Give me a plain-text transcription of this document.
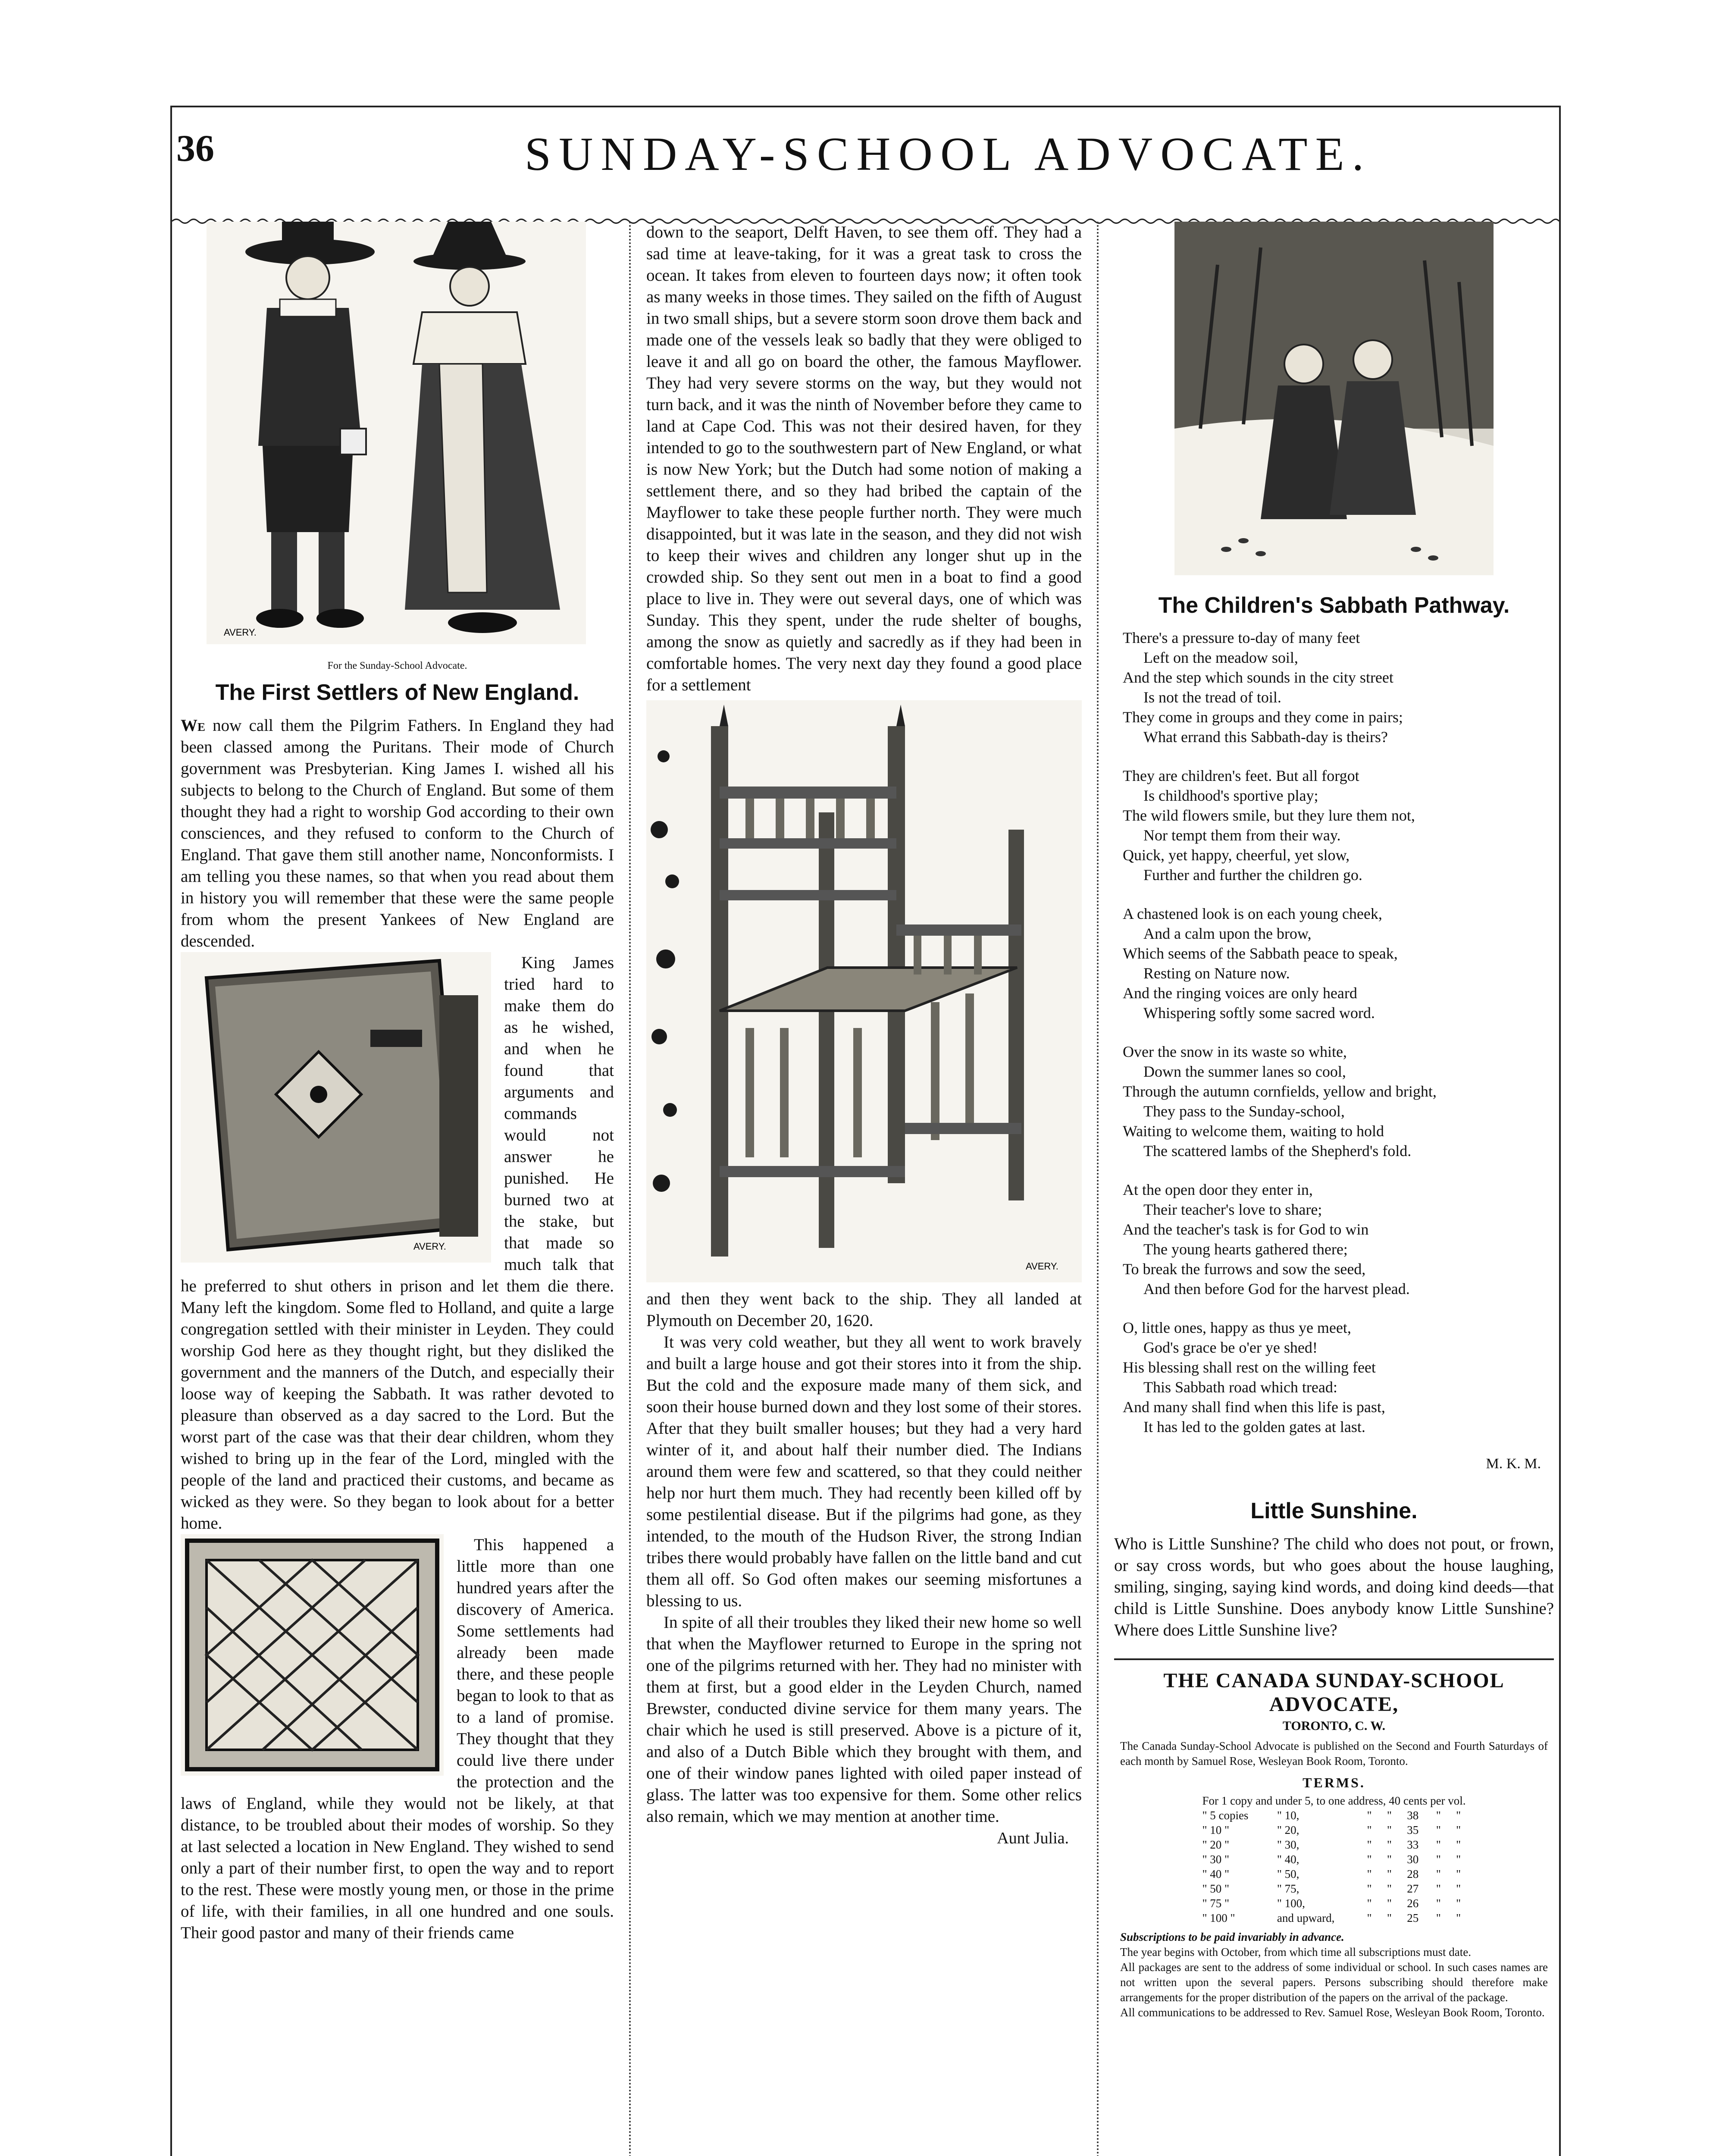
36	SUNDAY-SCHOOL ADVOCATE.
AVERY.
For the Sunday-School Advocate.
The First Settlers of New England.

We now call them the Pilgrim Fathers. In England they had been classed among the Puritans. Their mode of Church government was Presbyterian. King James I. wished all his subjects to belong to the Church of England. But some of them thought they had a right to worship God according to their own consciences, and they refused to conform to the Church of England. That gave them still another name, Nonconformists. I am telling you these names, so that when you read about them in history you will remember that these were the same people from whom the present Yankees of New England are descended.

AVERY.

King James tried hard to make them do as he wished, and when he found that arguments and commands would not answer he punished. He burned two at the stake, but that made so much talk that he preferred to shut others in prison and let them die there. Many left the kingdom. Some fled to Holland, and quite a large congregation settled with their minister in Leyden. They could worship God here as they thought right, but they disliked the government and the manners of the Dutch, and especially their loose way of keeping the Sabbath. It was rather devoted to pleasure than observed as a day sacred to the Lord. But the worst part of the case was that their dear children, whom they wished to bring up in the fear of the Lord, mingled with the people of the land and practiced their customs, and became as wicked as they were. So they began to look about for a better home.

This happened a little more than one hundred years after the discovery of America. Some settlements had already been made there, and these people began to look to that as to a land of promise. They thought that they could live there under the protection and the laws of England, while they would not be likely, at that distance, to be troubled about their modes of worship. So they at last selected a location in New England. They wished to send only a part of their number first, to open the way and to report to the rest. These were mostly young men, or those in the prime of life, with their families, in all one hundred and one souls. Their good pastor and many of their friends came

down to the seaport, Delft Haven, to see them off. They had a sad time at leave-taking, for it was a great task to cross the ocean. It takes from eleven to fourteen days now; it often took as many weeks in those times. They sailed on the fifth of August in two small ships, but a severe storm soon drove them back and made one of the vessels leak so badly that they were obliged to leave it and all go on board the other, the famous Mayflower. They had very severe storms on the way, but they would not turn back, and it was the ninth of November before they came to land at Cape Cod. This was not their desired haven, for they intended to go to the southwestern part of New England, or what is now New York; but the Dutch had some notion of making a settlement there, and so they had bribed the captain of the Mayflower to take these people further north. They were much disappointed, but it was late in the season, and they did not wish to keep their wives and children any longer shut up in the crowded ship. So they sent out men in a boat to find a good place to live in. They were out several days, one of which was Sunday. This they spent, under the rude shelter of boughs, among the snow as quietly and sacredly as if they had been in comfortable homes. The very next day they found a good place for a settlement

AVERY.

and then they went back to the ship. They all landed at Plymouth on December 20, 1620.

It was very cold weather, but they all went to work bravely and built a large house and got their stores into it from the ship. But the cold and the exposure made many of them sick, and soon their house burned down and they lost some of their stores. After that they built smaller houses; but they had a very hard winter of it, and about half their number died. The Indians around them were few and scattered, so that they could neither help nor hurt them much. They had recently been killed off by some pestilential disease. But if the pilgrims had gone, as they intended, to the mouth of the Hudson River, the strong Indian tribes there would probably have fallen on the little band and cut them all off. So God often makes our seeming misfortunes a blessing to us.

In spite of all their troubles they liked their new home so well that when the Mayflower returned to Europe in the spring not one of the pilgrims returned with her. They had no minister with them at first, but a good elder in the Leyden Church, named Brewster, conducted divine service for them many years. The chair which he used is still preserved. Above is a picture of it, and also of a Dutch Bible which they brought with them, and one of their window panes lighted with oiled paper instead of glass. The latter was too expensive for them. Some other relics also remain, which we may mention at another time.

Aunt Julia.
The Children's Sabbath Pathway.
There's a pressure to-day of many feet
Left on the meadow soil,
And the step which sounds in the city street
Is not the tread of toil.
They come in groups and they come in pairs;
What errand this Sabbath-day is theirs?
They are children's feet. But all forgot
Is childhood's sportive play;
The wild flowers smile, but they lure them not,
Nor tempt them from their way.
Quick, yet happy, cheerful, yet slow,
Further and further the children go.
A chastened look is on each young cheek,
And a calm upon the brow,
Which seems of the Sabbath peace to speak,
Resting on Nature now.
And the ringing voices are only heard
Whispering softly some sacred word.
Over the snow in its waste so white,
Down the summer lanes so cool,
Through the autumn cornfields, yellow and bright,
They pass to the Sunday-school,
Waiting to welcome them, waiting to hold
The scattered lambs of the Shepherd's fold.
At the open door they enter in,
Their teacher's love to share;
And the teacher's task is for God to win
The young hearts gathered there;
To break the furrows and sow the seed,
And then before God for the harvest plead.
O, little ones, happy as thus ye meet,
God's grace be o'er ye shed!
His blessing shall rest on the willing feet
This Sabbath road which tread:
And many shall find when this life is past,
It has led to the golden gates at last.
M. K. M.
Little Sunshine.
Who is Little Sunshine? The child who does not pout, or frown, or say cross words, but who goes about the house laughing, smiling, singing, saying kind words, and doing kind deeds—that child is Little Sunshine. Does anybody know Little Sunshine? Where does Little Sunshine live?
THE CANADA SUNDAY-SCHOOL ADVOCATE,
TORONTO, C. W.
The Canada Sunday-School Advocate is published on the Second and Fourth Saturdays of each month by Samuel Rose, Wesleyan Book Room, Toronto.
TERMS.
For 1 copy and under 5, to one address, 40 cents per vol.						
" 5 copies	" 10,	"	"	38	"	"
" 10 "	" 20,	"	"	35	"	"
" 20 "	" 30,	"	"	33	"	"
" 30 "	" 40,	"	"	30	"	"
" 40 "	" 50,	"	"	28	"	"
" 50 "	" 75,	"	"	27	"	"
" 75 "	" 100,	"	"	26	"	"
" 100 "	and upward,	"	"	25	"	"
Subscriptions to be paid invariably in advance.
The year begins with October, from which time all subscriptions must date.
All packages are sent to the address of some individual or school. In such cases names are not written upon the several papers. Persons subscribing should therefore make arrangements for the proper distribution of the papers on the arrival of the package.
All communications to be addressed to Rev. Samuel Rose, Wesleyan Book Room, Toronto.
